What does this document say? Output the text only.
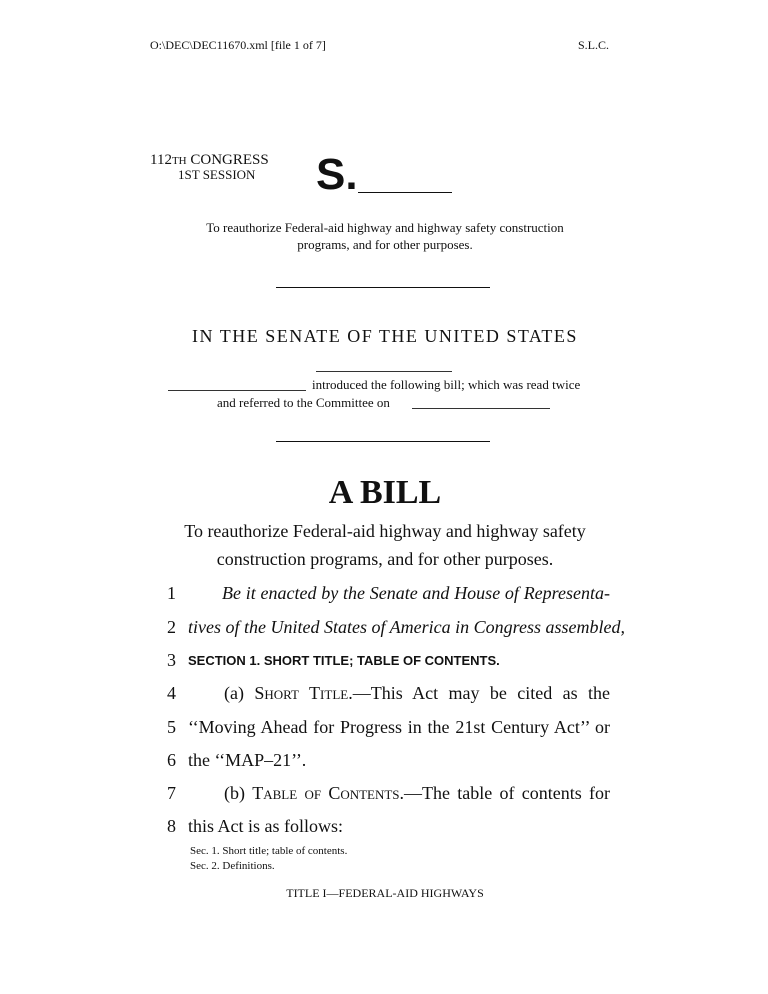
O:\DEC\DEC11670.xml [file 1 of 7]	S.L.C.
112TH CONGRESS
1ST SESSION S.
To reauthorize Federal-aid highway and highway safety construction
programs, and for other purposes.
IN THE SENATE OF THE UNITED STATES
introduced the following bill; which was read twice
and referred to the Committee on
A BILL
To reauthorize Federal-aid highway and highway safety
construction programs, and for other purposes.
1	Be it enacted by the Senate and House of Representa-
2 tives of the United States of America in Congress assembled,
3 SECTION 1. SHORT TITLE; TABLE OF CONTENTS.
4	(a) Short Title.—This Act may be cited as the
5 ‘‘Moving Ahead for Progress in the 21st Century Act’’ or
6 the ‘‘MAP–21’’.
7	(b) Table of Contents.—The table of contents for
8 this Act is as follows:
Sec. 1. Short title; table of contents.
Sec. 2. Definitions.
TITLE I—FEDERAL-AID HIGHWAYS
